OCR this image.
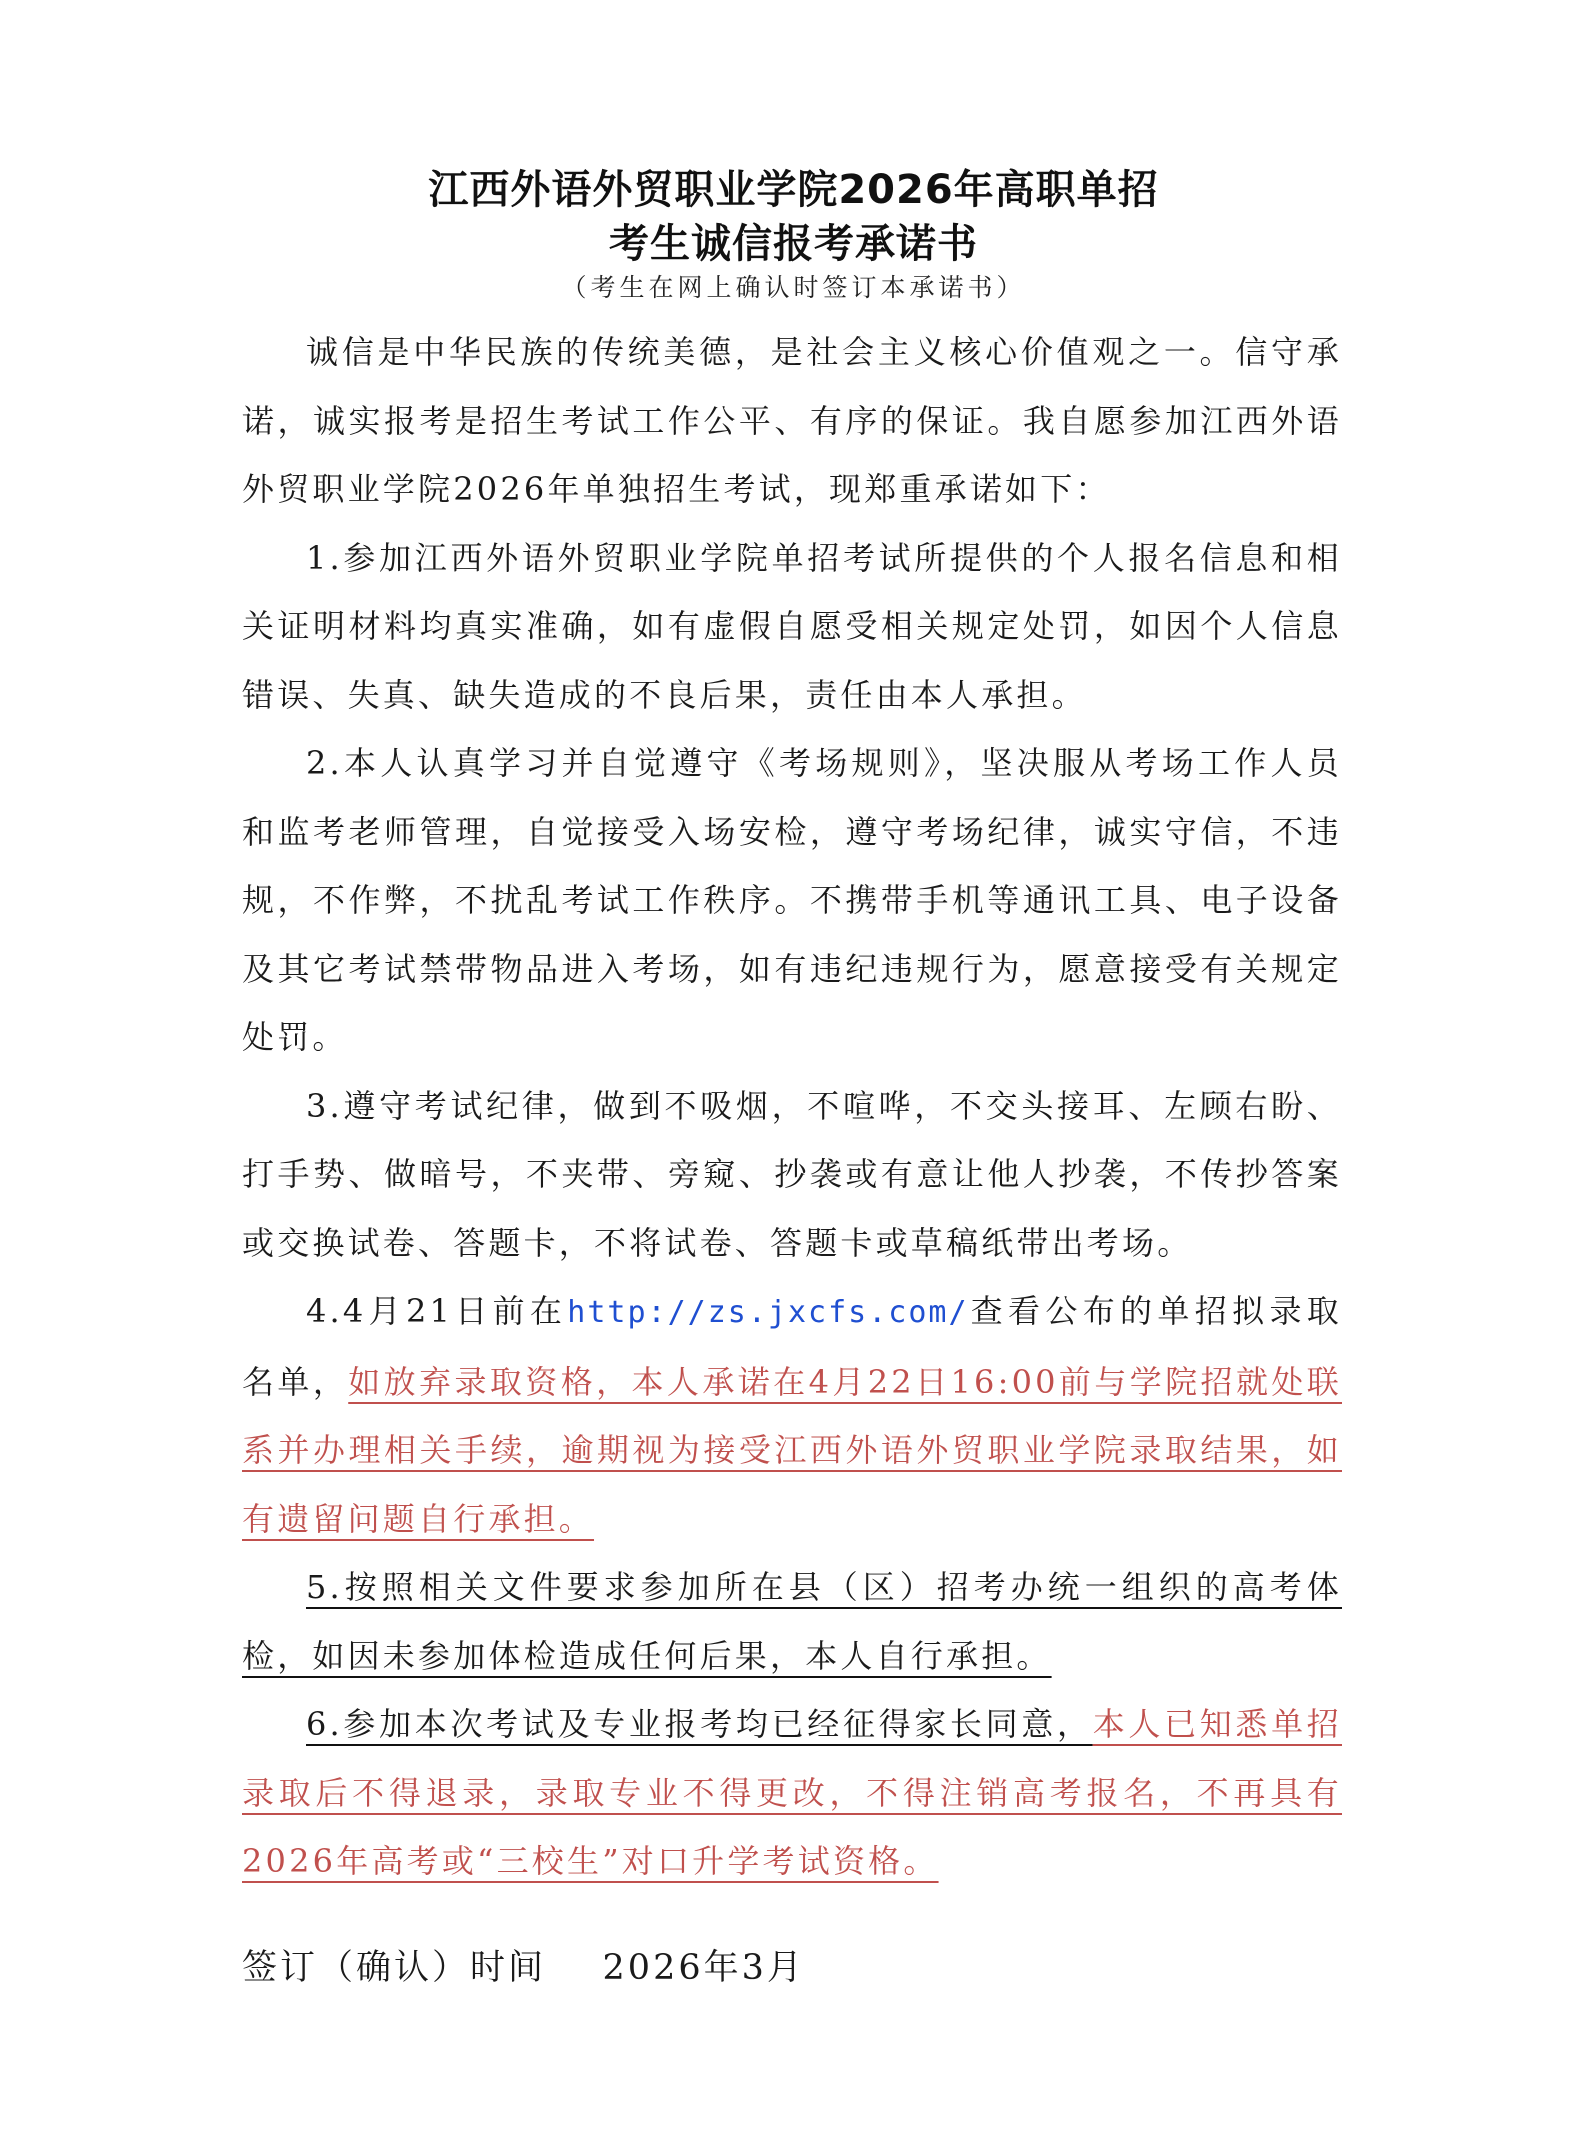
江西外语外贸职业学院2026年高职单招
考生诚信报考承诺书
（考生在网上确认时签订本承诺书）

诚信是中华民族的传统美德，是社会主义核心价值观之一。信守承诺，诚实报考是招生考试工作公平、有序的保证。我自愿参加江西外语外贸职业学院2026年单独招生考试，现郑重承诺如下：

1.参加江西外语外贸职业学院单招考试所提供的个人报名信息和相关证明材料均真实准确，如有虚假自愿受相关规定处罚，如因个人信息错误、失真、缺失造成的不良后果，责任由本人承担。

2.本人认真学习并自觉遵守《考场规则》，坚决服从考场工作人员和监考老师管理，自觉接受入场安检，遵守考场纪律，诚实守信，不违规，不作弊，不扰乱考试工作秩序。不携带手机等通讯工具、电子设备及其它考试禁带物品进入考场，如有违纪违规行为，愿意接受有关规定处罚。

3.遵守考试纪律，做到不吸烟，不喧哗，不交头接耳、左顾右盼、打手势、做暗号，不夹带、旁窥、抄袭或有意让他人抄袭，不传抄答案或交换试卷、答题卡，不将试卷、答题卡或草稿纸带出考场。

4.4月21日前在http://zs.jxcfs.com/查看公布的单招拟录取名单，如放弃录取资格，本人承诺在4月22日16:00前与学院招就处联系并办理相关手续，逾期视为接受江西外语外贸职业学院录取结果，如有遗留问题自行承担。

5.按照相关文件要求参加所在县（区）招考办统一组织的高考体检，如因未参加体检造成任何后果，本人自行承担。

6.参加本次考试及专业报考均已经征得家长同意，本人已知悉单招录取后不得退录，录取专业不得更改，不得注销高考报名，不再具有2026年高考或“三校生”对口升学考试资格。

签订（确认）时间 2026年3月
